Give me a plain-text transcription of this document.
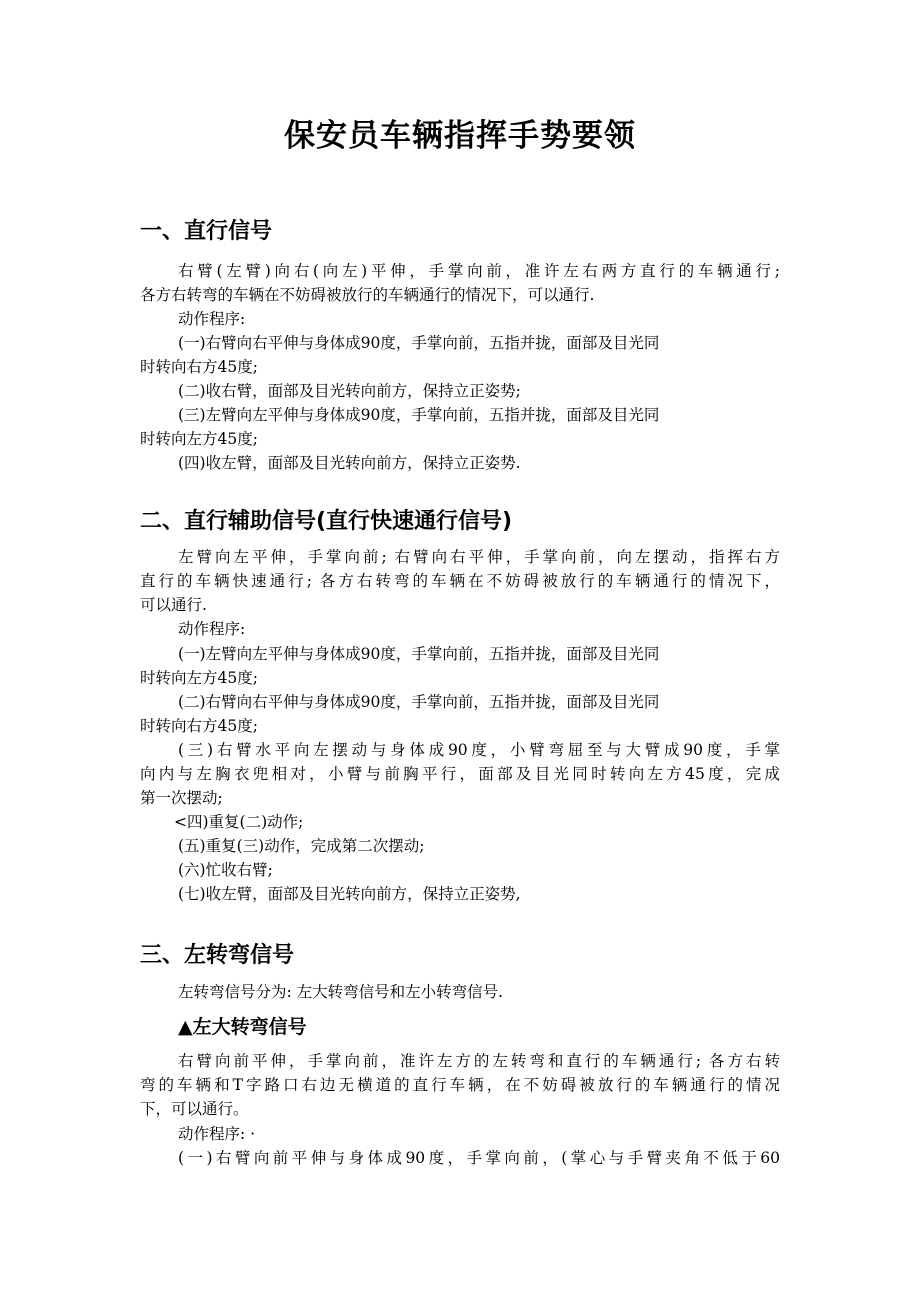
保安员车辆指挥手势要领
一、直行信号
右臂(左臂)向右(向左)平伸，手掌向前，准许左右两方直行的车辆通行;
各方右转弯的车辆在不妨碍被放行的车辆通行的情况下，可以通行.
动作程序:
(一)右臂向右平伸与身体成90度，手掌向前，五指并拢，面部及目光同
时转向右方45度;
(二)收右臂，面部及目光转向前方，保持立正姿势;
(三)左臂向左平伸与身体成90度，手掌向前，五指并拢，面部及目光同
时转向左方45度;
(四)收左臂，面部及目光转向前方，保持立正姿势.
二、直行辅助信号(直行快速通行信号)
左臂向左平伸，手掌向前; 右臂向右平伸，手掌向前，向左摆动，指挥右方
直行的车辆快速通行; 各方右转弯的车辆在不妨碍被放行的车辆通行的情况下，
可以通行.
动作程序:
(一)左臂向左平伸与身体成90度，手掌向前，五指并拢，面部及目光同
时转向左方45度;
(二)右臂向右平伸与身体成90度，手掌向前，五指并拢，面部及目光同
时转向右方45度;
(三)右臂水平向左摆动与身体成90度，小臂弯屈至与大臂成90度，手掌
向内与左胸衣兜相对，小臂与前胸平行，面部及目光同时转向左方45度，完成
第一次摆动;
<四)重复(二)动作;
(五)重复(三)动作，完成第二次摆动;
(六)忙收右臂;
(七)收左臂，面部及目光转向前方，保持立正姿势,
三、左转弯信号
左转弯信号分为: 左大转弯信号和左小转弯信号.
▲左大转弯信号
右臂向前平伸，手掌向前，准许左方的左转弯和直行的车辆通行; 各方右转
弯的车辆和T字路口右边无横道的直行车辆，在不妨碍被放行的车辆通行的情况
下，可以通行。
动作程序: ·
(一)右臂向前平伸与身体成90度，手掌向前，(掌心与手臂夹角不低于60
